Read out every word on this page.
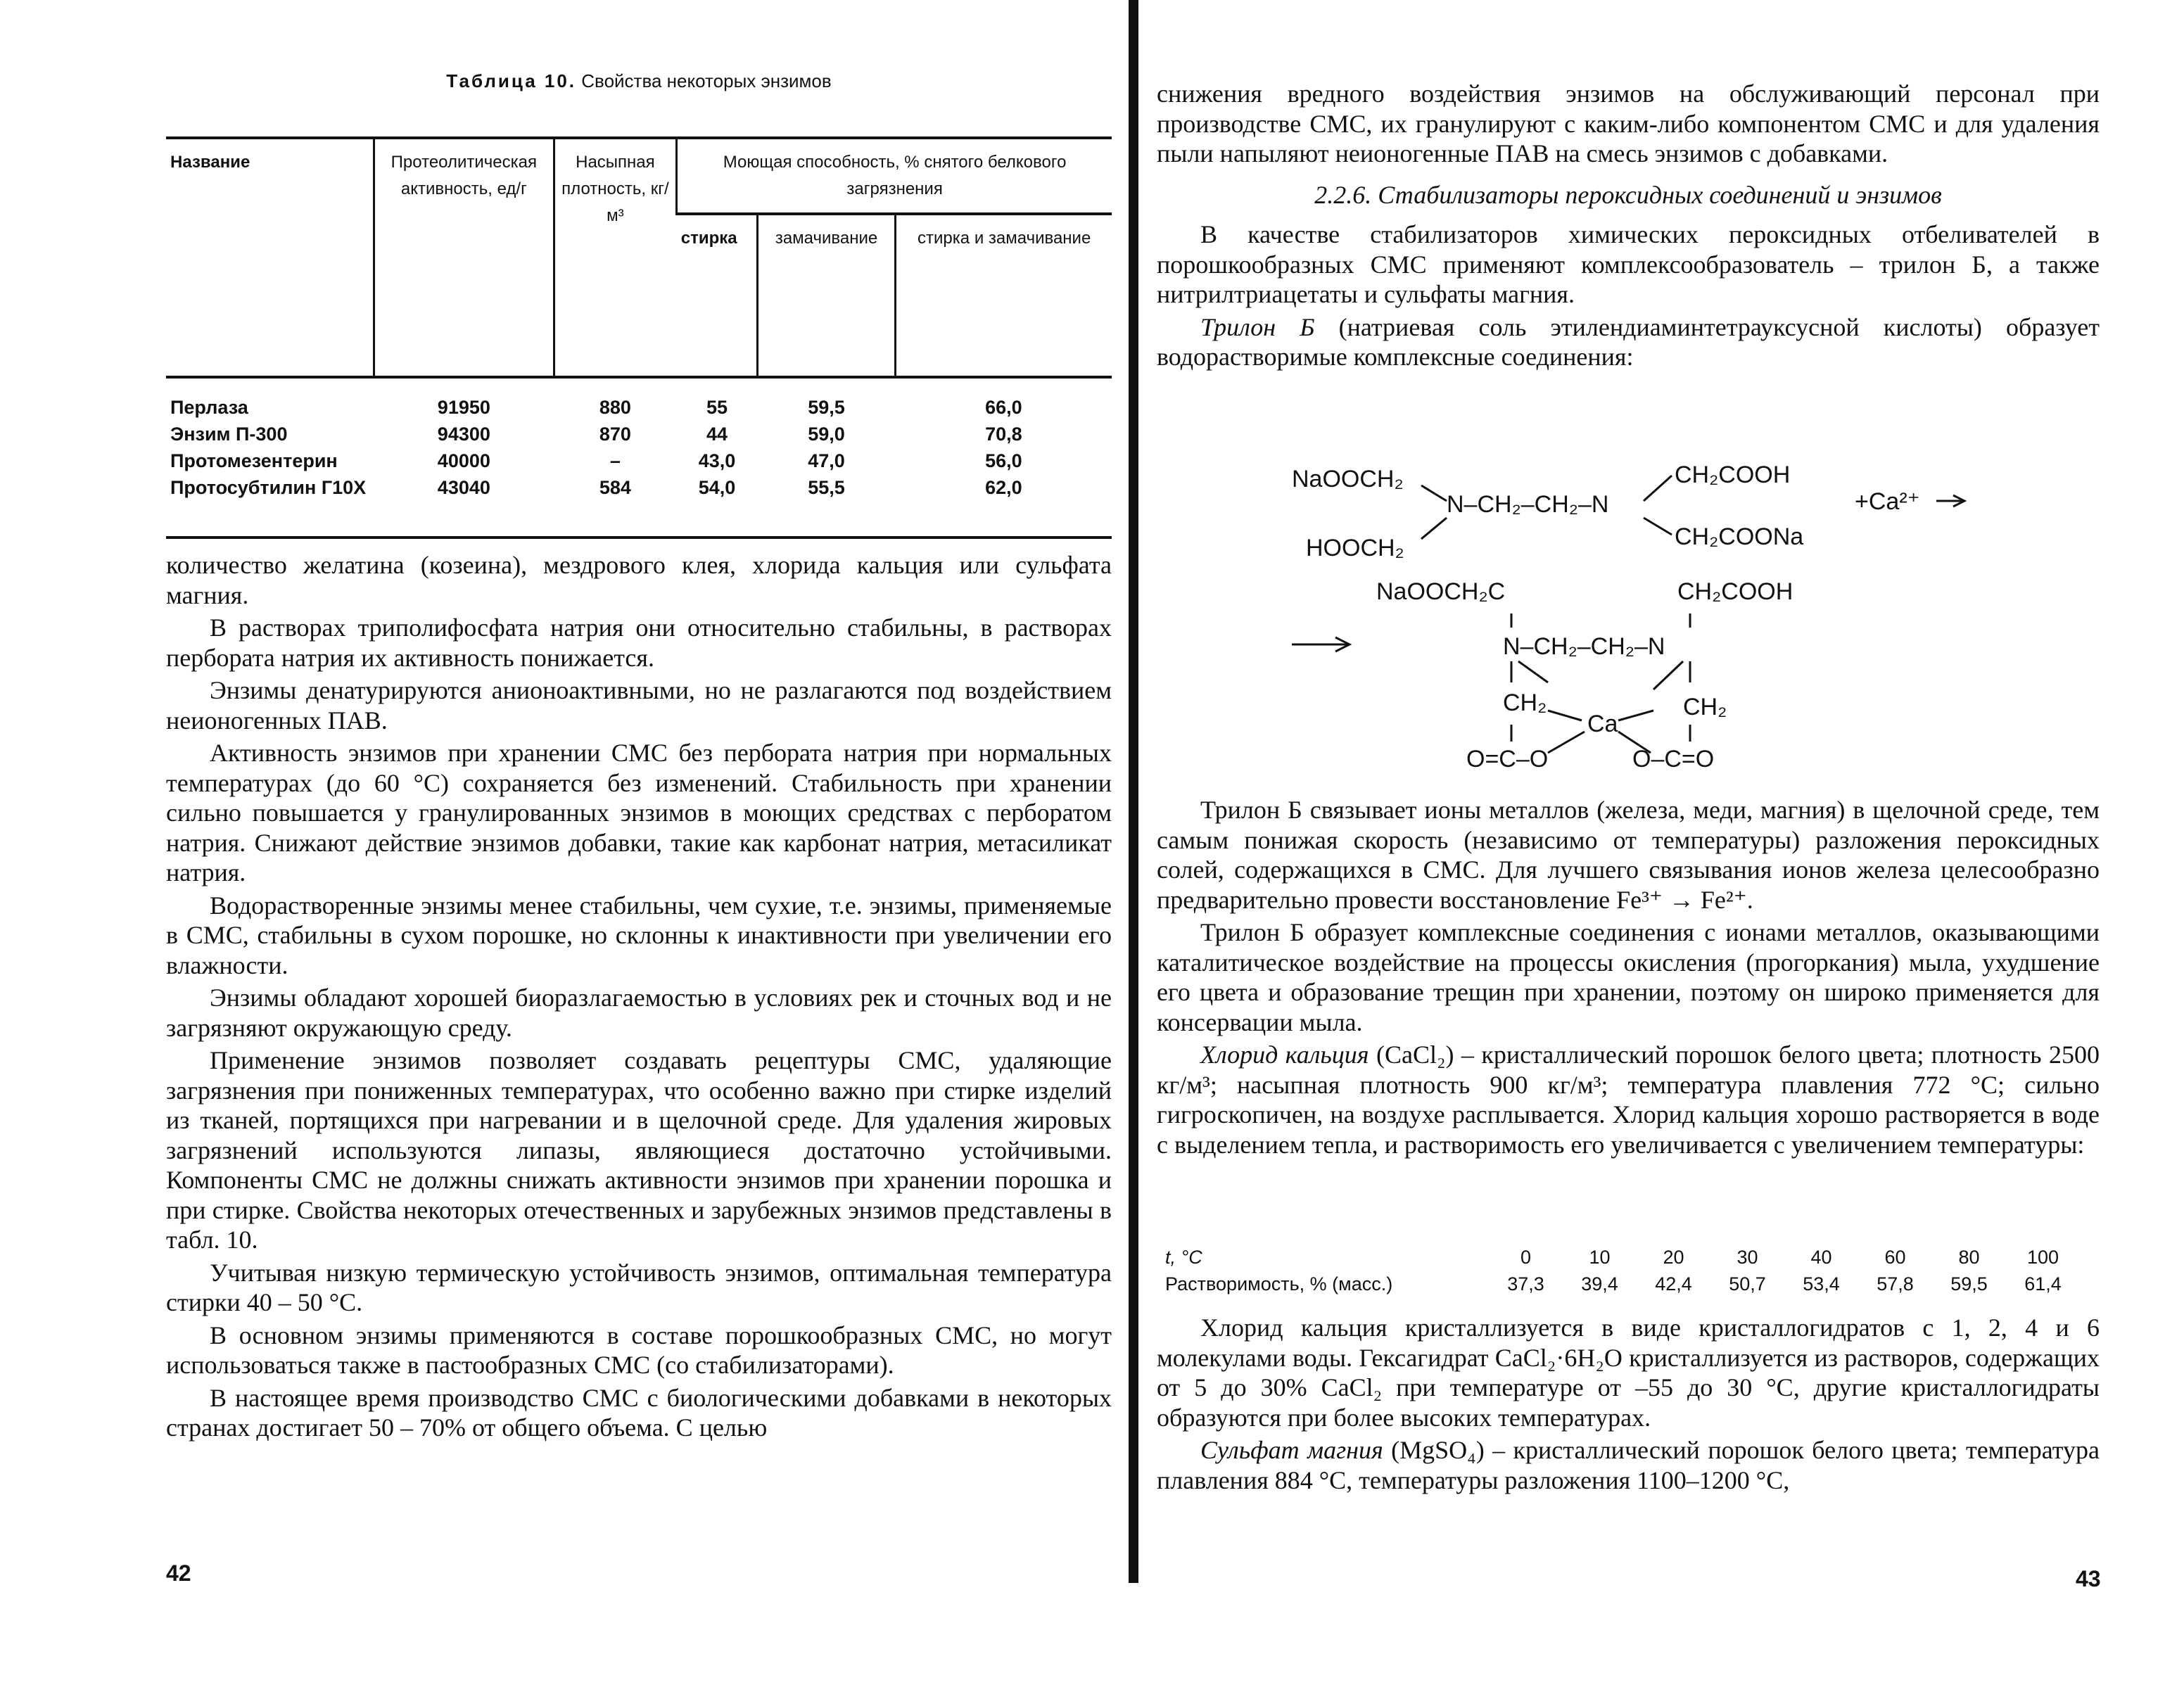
Таблица 10. Свойства некоторых энзимов
Название	Протеолитическая активность, ед/г	Насыпная плотность, кг/м³	Моющая способность, % снятого белкового загрязнения		
			стирка	замачивание	стирка и замачивание
Перлаза	91950	880	55	59,5	66,0
Энзим П-300	94300	870	44	59,0	70,8
Протомезентерин	40000	–	43,0	47,0	56,0
Протосубтилин Г10Х	43040	584	54,0	55,5	62,0

количество желатина (козеина), мездрового клея, хлорида кальция или сульфата магния.

В растворах триполифосфата натрия они относительно стабильны, в растворах пербората натрия их активность понижается.

Энзимы денатурируются анионоактивными, но не разлагаются под воздействием неионогенных ПАВ.

Активность энзимов при хранении СМС без пербората натрия при нормальных температурах (до 60 °С) сохраняется без изменений. Стабильность при хранении сильно повышается у гранулированных энзимов в моющих средствах с перборатом натрия. Снижают действие энзимов добавки, такие как карбонат натрия, метасиликат натрия.

Водорастворенные энзимы менее стабильны, чем сухие, т.е. энзимы, применяемые в СМС, стабильны в сухом порошке, но склонны к инактивности при увеличении его влажности.

Энзимы обладают хорошей биоразлагаемостью в условиях рек и сточных вод и не загрязняют окружающую среду.

Применение энзимов позволяет создавать рецептуры СМС, удаляющие загрязнения при пониженных температурах, что особенно важно при стирке изделий из тканей, портящихся при нагревании и в щелочной среде. Для удаления жировых загрязнений используются липазы, являющиеся достаточно устойчивыми. Компоненты СМС не должны снижать активности энзимов при хранении порошка и при стирке. Свойства некоторых отечественных и зарубежных энзимов представлены в табл. 10.

Учитывая низкую термическую устойчивость энзимов, оптимальная температура стирки 40 – 50 °С.

В основном энзимы применяются в составе порошкообразных СМС, но могут использоваться также в пастообразных СМС (со стабилизаторами).

В настоящее время производство СМС с биологическими добавками в некоторых странах достигает 50 – 70% от общего объема. С целью

42

снижения вредного воздействия энзимов на обслуживающий персонал при производстве СМС, их гранулируют с каким-либо компонентом СМС и для удаления пыли напыляют неионогенные ПАВ на смесь энзимов с добавками.

2.2.6. Стабилизаторы пероксидных соединений и энзимов

В качестве стабилизаторов химических пероксидных отбеливателей в порошкообразных СМС применяют комплексообразователь – трилон Б, а также нитрилтриацетаты и сульфаты магния.

Трилон Б (натриевая соль этилендиаминтетрауксусной кислоты) образует водорастворимые комплексные соединения:

NaOOCH₂
HOOCH₂
N–CH₂–CH₂–N
CH₂COOH
CH₂COONa
+Ca²⁺
NaOOCH₂C	CH₂COOH
N–CH₂–CH₂–N
CH₂
Ca
CH₂
O=C–O	O–C=O

Трилон Б связывает ионы металлов (железа, меди, магния) в щелочной среде, тем самым понижая скорость (независимо от температуры) разложения пероксидных солей, содержащихся в СМС. Для лучшего связывания ионов железа целесообразно предварительно провести восстановление Fe³⁺ → Fe²⁺.

Трилон Б образует комплексные соединения с ионами металлов, оказывающими каталитическое воздействие на процессы окисления (прогоркания) мыла, ухудшение его цвета и образование трещин при хранении, поэтому он широко применяется для консервации мыла.

Хлорид кальция (CaCl₂) – кристаллический порошок белого цвета; плотность 2500 кг/м³; насыпная плотность 900 кг/м³; температура плавления 772 °С; сильно гигроскопичен, на воздухе расплывается. Хлорид кальция хорошо растворяется в воде с выделением тепла, и растворимость его увеличивается с увеличением температуры:

t, °С	0	10	20	30	40	60	80	100
Растворимость, % (масс.)	37,3	39,4	42,4	50,7	53,4	57,8	59,5	61,4

Хлорид кальция кристаллизуется в виде кристаллогидратов с 1, 2, 4 и 6 молекулами воды. Гексагидрат CaCl₂·6H₂O кристаллизуется из растворов, содержащих от 5 до 30% CaCl₂ при температуре от –55 до 30 °С, другие кристаллогидраты образуются при более высоких температурах.

Сульфат магния (MgSO₄) – кристаллический порошок белого цвета; температура плавления 884 °С, температуры разложения 1100–1200 °С,

43
